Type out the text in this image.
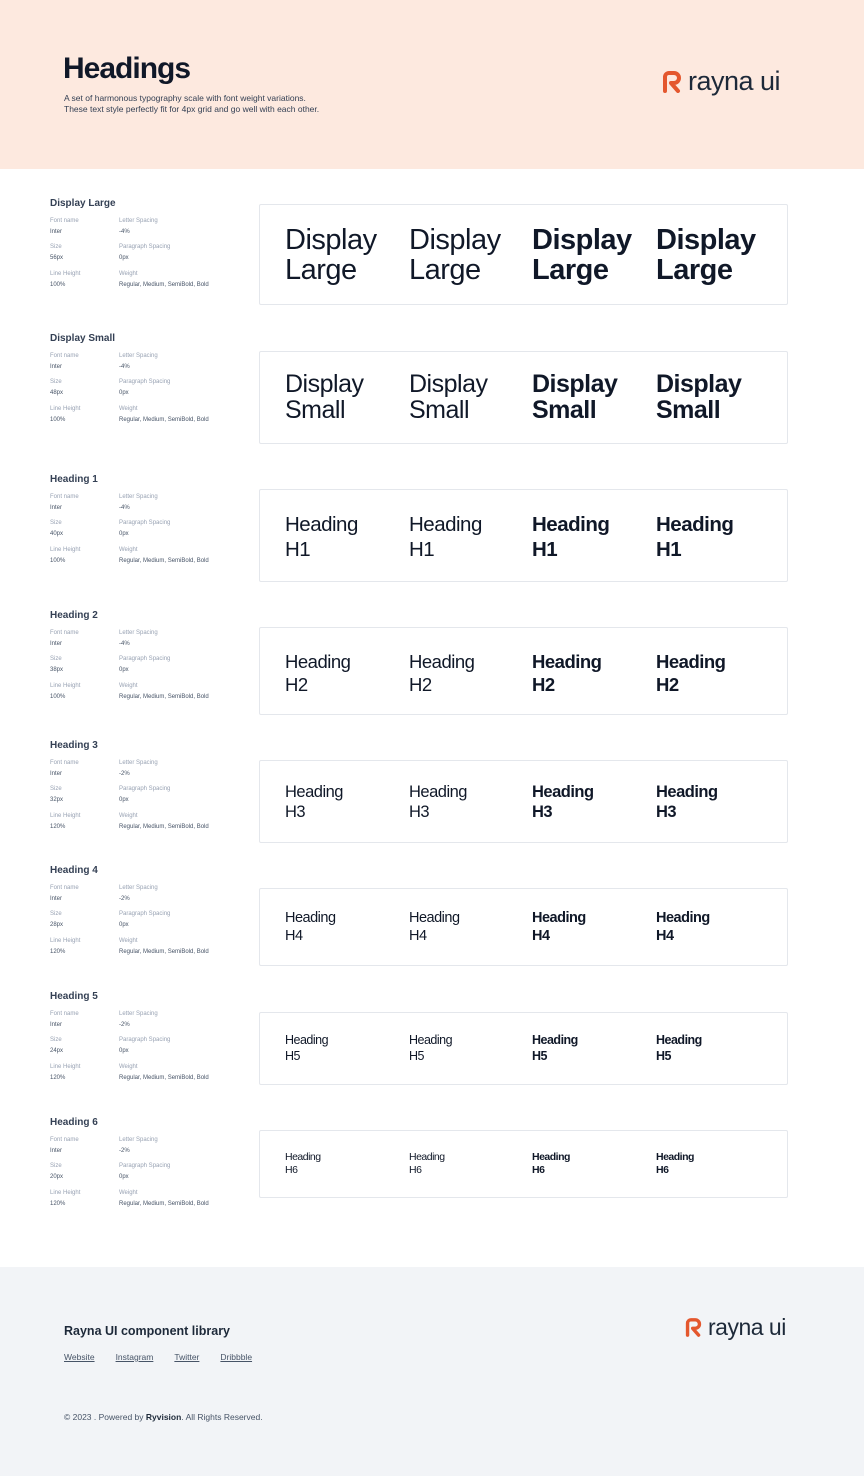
Headings
A set of harmonous typography scale with font weight variations.
These text style perfectly fit for 4px grid and go well with each other.
rayna ui
Display Large
Font name
Inter
Letter Spacing
-4%
Size
56px
Paragraph Spacing
0px
Line Height
100%
Weight
Regular, Medium, SemiBold, Bold
Display
Large
Display
Large
Display
Large
Display
Large
Display Small
Font name
Inter
Letter Spacing
-4%
Size
48px
Paragraph Spacing
0px
Line Height
100%
Weight
Regular, Medium, SemiBold, Bold
Display
Small
Display
Small
Display
Small
Display
Small
Heading 1
Font name
Inter
Letter Spacing
-4%
Size
40px
Paragraph Spacing
0px
Line Height
100%
Weight
Regular, Medium, SemiBold, Bold
Heading
H1
Heading
H1
Heading
H1
Heading
H1
Heading 2
Font name
Inter
Letter Spacing
-4%
Size
38px
Paragraph Spacing
0px
Line Height
100%
Weight
Regular, Medium, SemiBold, Bold
Heading
H2
Heading
H2
Heading
H2
Heading
H2
Heading 3
Font name
Inter
Letter Spacing
-2%
Size
32px
Paragraph Spacing
0px
Line Height
120%
Weight
Regular, Medium, SemiBold, Bold
Heading
H3
Heading
H3
Heading
H3
Heading
H3
Heading 4
Font name
Inter
Letter Spacing
-2%
Size
28px
Paragraph Spacing
0px
Line Height
120%
Weight
Regular, Medium, SemiBold, Bold
Heading
H4
Heading
H4
Heading
H4
Heading
H4
Heading 5
Font name
Inter
Letter Spacing
-2%
Size
24px
Paragraph Spacing
0px
Line Height
120%
Weight
Regular, Medium, SemiBold, Bold
Heading
H5
Heading
H5
Heading
H5
Heading
H5
Heading 6
Font name
Inter
Letter Spacing
-2%
Size
20px
Paragraph Spacing
0px
Line Height
120%
Weight
Regular, Medium, SemiBold, Bold
Heading
H6
Heading
H6
Heading
H6
Heading
H6
Rayna UI component library
Website Instagram Twitter Dribbble
© 2023 . Powered by Ryvision. All Rights Reserved.
rayna ui
